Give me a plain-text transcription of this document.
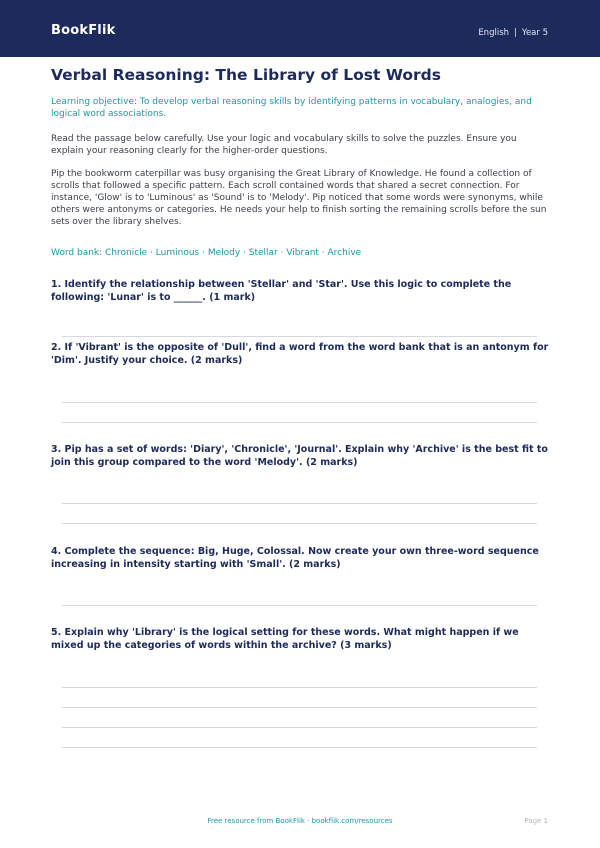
BookFlik	English | Year 5
Verbal Reasoning: The Library of Lost Words

Learning objective: To develop verbal reasoning skills by identifying patterns in vocabulary, analogies, and logical word associations.

Read the passage below carefully. Use your logic and vocabulary skills to solve the puzzles. Ensure you explain your reasoning clearly for the higher-order questions.

Pip the bookworm caterpillar was busy organising the Great Library of Knowledge. He found a collection of scrolls that followed a specific pattern. Each scroll contained words that shared a secret connection. For instance, 'Glow' is to 'Luminous' as 'Sound' is to 'Melody'. Pip noticed that some words were synonyms, while others were antonyms or categories. He needs your help to finish sorting the remaining scrolls before the sun sets over the library shelves.

Word bank: Chronicle · Luminous · Melody · Stellar · Vibrant · Archive

1. Identify the relationship between 'Stellar' and 'Star'. Use this logic to complete the following: 'Lunar' is to ______. (1 mark)

2. If 'Vibrant' is the opposite of 'Dull', find a word from the word bank that is an antonym for 'Dim'. Justify your choice. (2 marks)

3. Pip has a set of words: 'Diary', 'Chronicle', 'Journal'. Explain why 'Archive' is the best fit to join this group compared to the word 'Melody'. (2 marks)

4. Complete the sequence: Big, Huge, Colossal. Now create your own three-word sequence increasing in intensity starting with 'Small'. (2 marks)

5. Explain why 'Library' is the logical setting for these words. What might happen if we mixed up the categories of words within the archive? (3 marks)

Free resource from BookFlik · bookflik.com/resources	Page 1
